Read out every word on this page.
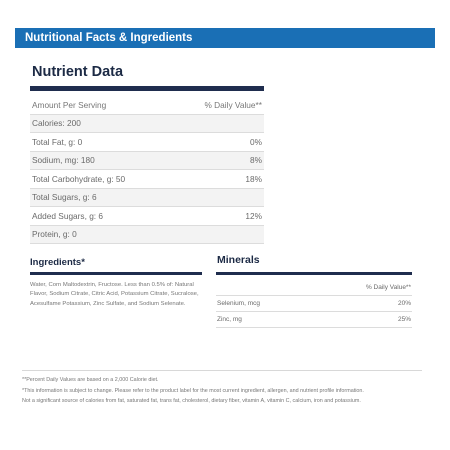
Nutritional Facts & Ingredients
Nutrient Data
Amount Per Serving	% Daily Value**
Calories: 200
Total Fat, g: 0	0%
Sodium, mg: 180	8%
Total Carbohydrate, g: 50	18%
Total Sugars, g: 6
Added Sugars, g: 6	12%
Protein, g: 0
Ingredients*
Water, Corn Maltodextrin, Fructose. Less than 0.5% of: Natural Flavor, Sodium Citrate, Citric Acid, Potassium Citrate, Sucralose, Acesulfame Potassium, Zinc Sulfate, and Sodium Selenate.
Minerals
% Daily Value**
Selenium, mcg	20%
Zinc, mg	25%
**Percent Daily Values are based on a 2,000 Calorie diet.
*This information is subject to change. Please refer to the product label for the most current ingredient, allergen, and nutrient profile information.
Not a significant source of calories from fat, saturated fat, trans fat, cholesterol, dietary fiber, vitamin A, vitamin C, calcium, iron and potassium.
